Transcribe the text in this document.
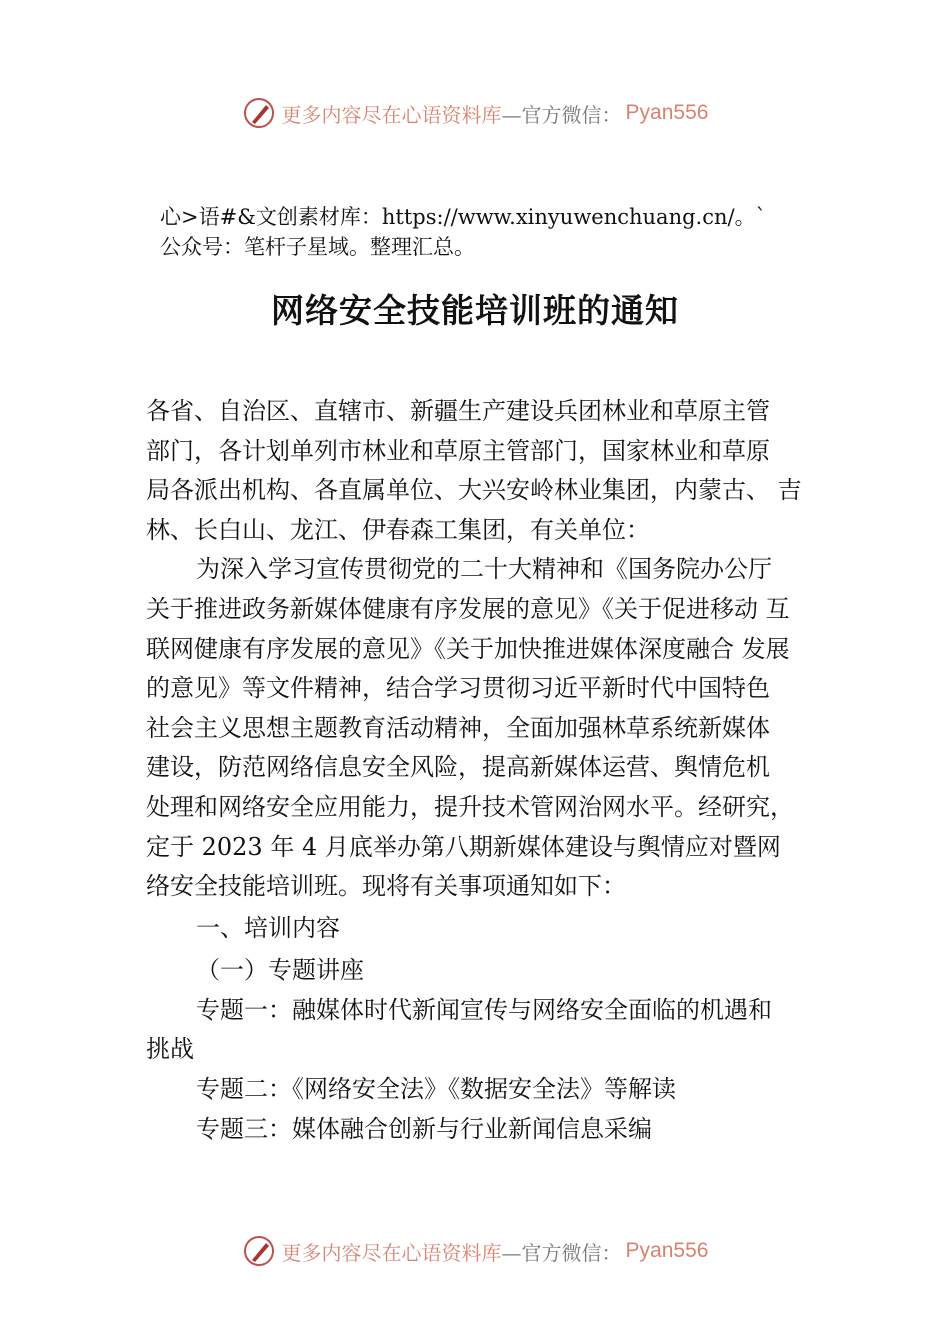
更多内容尽在心语资料库 —官方微信： Pyan556
心>语#&文创素材库：https://www.xinyuwenchuang.cn/。`
公众号：笔杆子星域。整理汇总。
网络安全技能培训班的通知
各省、自治区、直辖市、新疆生产建设兵团林业和草原主管
部门，各计划单列市林业和草原主管部门，国家林业和草原
局各派出机构、各直属单位、大兴安岭林业集团，内蒙古、 吉
林、长白山、龙江、伊春森工集团，有关单位：
为深入学习宣传贯彻党的二十大精神和《国务院办公厅
关于推进政务新媒体健康有序发展的意见》《关于促进移动 互
联网健康有序发展的意见》《关于加快推进媒体深度融合 发展
的意见》等文件精神，结合学习贯彻习近平新时代中国特色
社会主义思想主题教育活动精神，全面加强林草系统新媒体
建设，防范网络信息安全风险，提高新媒体运营、舆情危机
处理和网络安全应用能力，提升技术管网治网水平。经研究，
定于 2023 年 4 月底举办第八期新媒体建设与舆情应对暨网
络安全技能培训班。现将有关事项通知如下：
一、培训内容
（一）专题讲座
专题一：融媒体时代新闻宣传与网络安全面临的机遇和
挑战
专题二：《网络安全法》《数据安全法》等解读
专题三：媒体融合创新与行业新闻信息采编
更多内容尽在心语资料库 —官方微信： Pyan556
